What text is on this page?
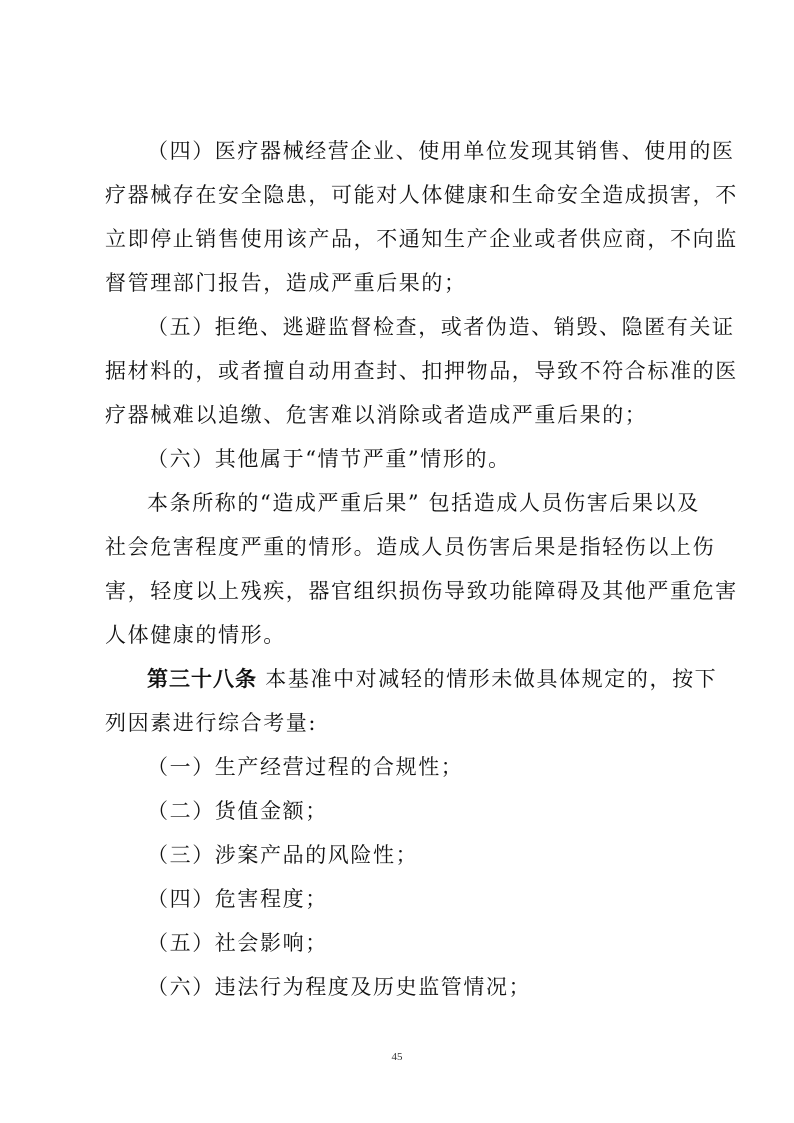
（四）医疗器械经营企业、使用单位发现其销售、使用的医
疗器械存在安全隐患，可能对人体健康和生命安全造成损害，不
立即停止销售使用该产品，不通知生产企业或者供应商，不向监
督管理部门报告，造成严重后果的；
（五）拒绝、逃避监督检查，或者伪造、销毁、隐匿有关证
据材料的，或者擅自动用查封、扣押物品，导致不符合标准的医
疗器械难以追缴、危害难以消除或者造成严重后果的；
（六）其他属于“情节严重”情形的。
本条所称的“造成严重后果” 包括造成人员伤害后果以及
社会危害程度严重的情形。造成人员伤害后果是指轻伤以上伤
害，轻度以上残疾，器官组织损伤导致功能障碍及其他严重危害
人体健康的情形。
第三十八条 本基准中对减轻的情形未做具体规定的，按下
列因素进行综合考量:
（一）生产经营过程的合规性；
（二）货值金额；
（三）涉案产品的风险性；
（四）危害程度；
（五）社会影响；
（六）违法行为程度及历史监管情况；
45
